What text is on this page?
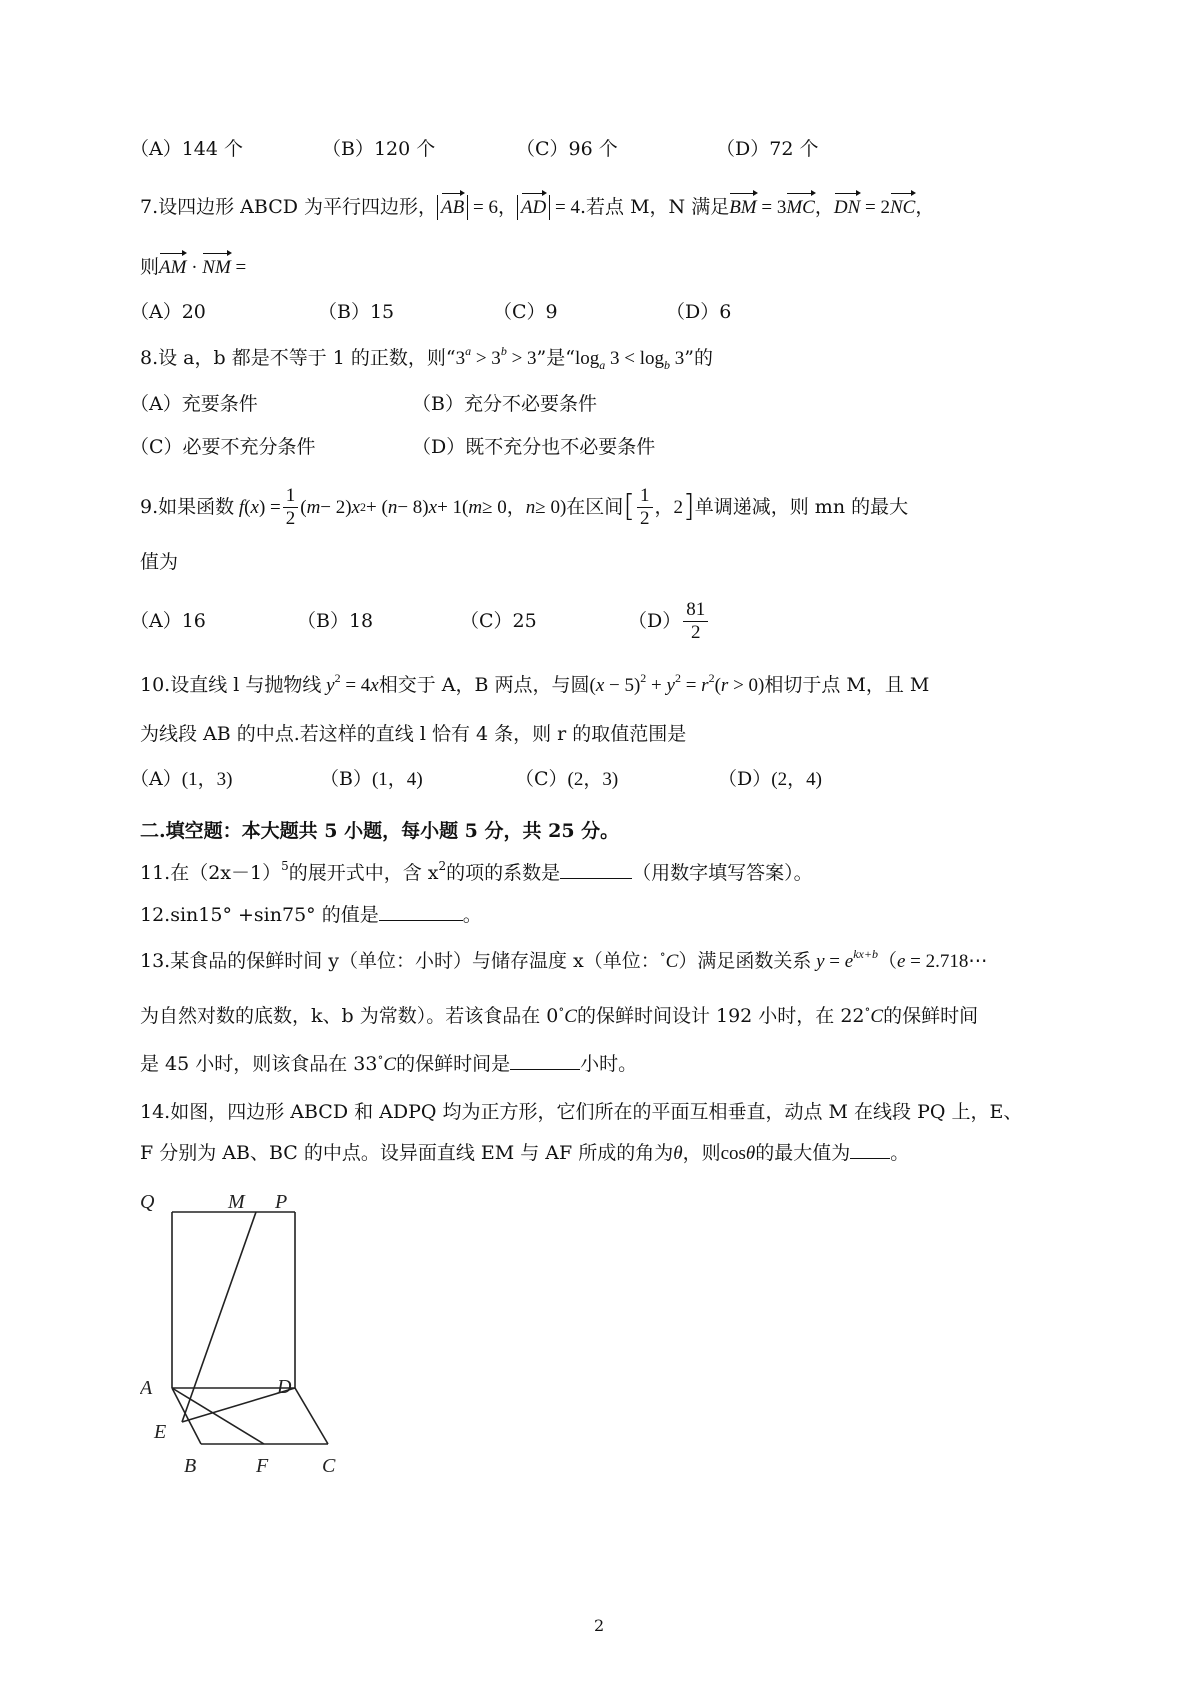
（A）144 个	（B）120 个	（C）96 个	（D）72 个
7.设四边形 ABCD 为平行四边形， AB = 6， AD = 4.若点 M，N 满足BM = 3MC，DN = 2NC，
则AM · NM =
（A）20	（B）15	（C）9	（D）6
8.设 a，b 都是不等于 1 的正数，则“$3^a > 3^b > 3$”是“$\log_a$ $3 < \log_b 3$”的
（A）充要条件	（B）充分不必要条件
（C）必要不充分条件	（D）既不充分也不必要条件
9.如果函数 f ( x ) = $\frac{1}{2}$ ( m − 2) x 2 + ( n − 8) x + 1( m ≥ 0， n ≥ 0) 在区间 [ $\frac{1}{2}$ ，2 ] 单调递减，则 mn 的最大
值为
（A）16	（B）18	（C）25	$(D) \frac{81}{2}$
10.设直线 l 与抛物线 $y^2 = 4x$相交于 A，B 两点，与圆$(x - 5)^2 + y^2 = r^2(r > 0)$相切于点 M，且 M
为线段 AB 的中点.若这样的直线 l 恰有 4 条，则 r 的取值范围是
（A）(1，3)	（B）(1，4)	（C）(2，3)	（D）(2，4)
二.填空题：本大题共 5 小题，每小题 5 分，共 25 分。
11.在$(2x-1)^5$的展开式中，含 $x^2$的项的系数是	（用数字填写答案）。
12.sin15° +sin75° 的值是	。
13.某食品的保鲜时间 y（单位：小时）与储存温度 x（单位：∘C）满足函数关系 $y = e^{kx+b}(e$ = 2.718⋯
为自然对数的底数，k、b 为常数）。若该食品在 0∘C的保鲜时间设计 192 小时，在 22∘C的保鲜时间
是 45 小时，则该食品在 33∘C的保鲜时间是	小时。
14.如图，四边形 ABCD 和 ADPQ 均为正方形，它们所在的平面互相垂直，动点 M 在线段 PQ 上，E、
F 分别为 AB、BC 的中点。设异面直线 EM 与 AF 所成的角为θ，则cosθ的最大值为 。
Q	M P
A	D
E
B	F	C
2
